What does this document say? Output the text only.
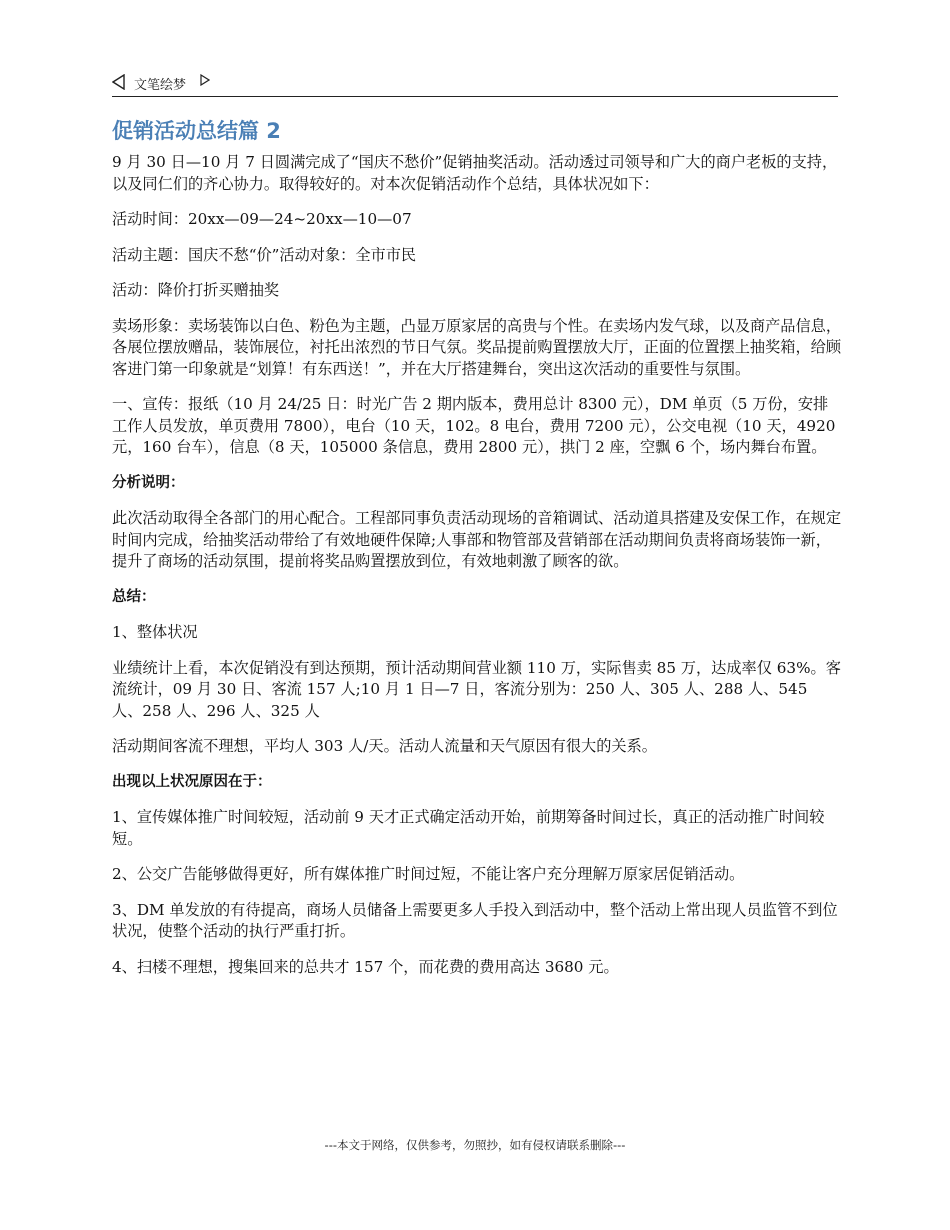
文笔绘梦
促销活动总结篇 2

9 月 30 日—10 月 7 日圆满完成了“国庆不愁价”促销抽奖活动。活动透过司领导和广大的商户老板的支持，以及同仁们的齐心协力。取得较好的。对本次促销活动作个总结，具体状况如下：

活动时间：20xx—09—24~20xx—10—07

活动主题：国庆不愁“价”活动对象：全市市民

活动：降价打折买赠抽奖

卖场形象：卖场装饰以白色、粉色为主题，凸显万原家居的高贵与个性。在卖场内发气球，以及商产品信息，各展位摆放赠品，装饰展位，衬托出浓烈的节日气氛。奖品提前购置摆放大厅，正面的位置摆上抽奖箱，给顾客进门第一印象就是“划算！有东西送！”，并在大厅搭建舞台，突出这次活动的重要性与氛围。

一、宣传：报纸（10 月 24/25 日：时光广告 2 期内版本，费用总计 8300 元），DM 单页（5 万份，安排工作人员发放，单页费用 7800），电台（10 天，102。8 电台，费用 7200 元），公交电视（10 天，4920 元，160 台车），信息（8 天，105000 条信息，费用 2800 元），拱门 2 座，空飘 6 个，场内舞台布置。

分析说明：

此次活动取得全各部门的用心配合。工程部同事负责活动现场的音箱调试、活动道具搭建及安保工作，在规定时间内完成，给抽奖活动带给了有效地硬件保障;人事部和物管部及营销部在活动期间负责将商场装饰一新，提升了商场的活动氛围，提前将奖品购置摆放到位，有效地刺激了顾客的欲。

总结：

1、整体状况

业绩统计上看，本次促销没有到达预期，预计活动期间营业额 110 万，实际售卖 85 万，达成率仅 63%。客流统计，09 月 30 日、客流 157 人;10 月 1 日—7 日，客流分别为：250 人、305 人、288 人、545 人、258 人、296 人、325 人

活动期间客流不理想，平均人 303 人/天。活动人流量和天气原因有很大的关系。

出现以上状况原因在于：

1、宣传媒体推广时间较短，活动前 9 天才正式确定活动开始，前期筹备时间过长，真正的活动推广时间较短。

2、公交广告能够做得更好，所有媒体推广时间过短，不能让客户充分理解万原家居促销活动。

3、DM 单发放的有待提高，商场人员储备上需要更多人手投入到活动中，整个活动上常出现人员监管不到位状况，使整个活动的执行严重打折。

4、扫楼不理想，搜集回来的总共才 157 个，而花费的费用高达 3680 元。

---本文于网络，仅供参考，勿照抄，如有侵权请联系删除---
